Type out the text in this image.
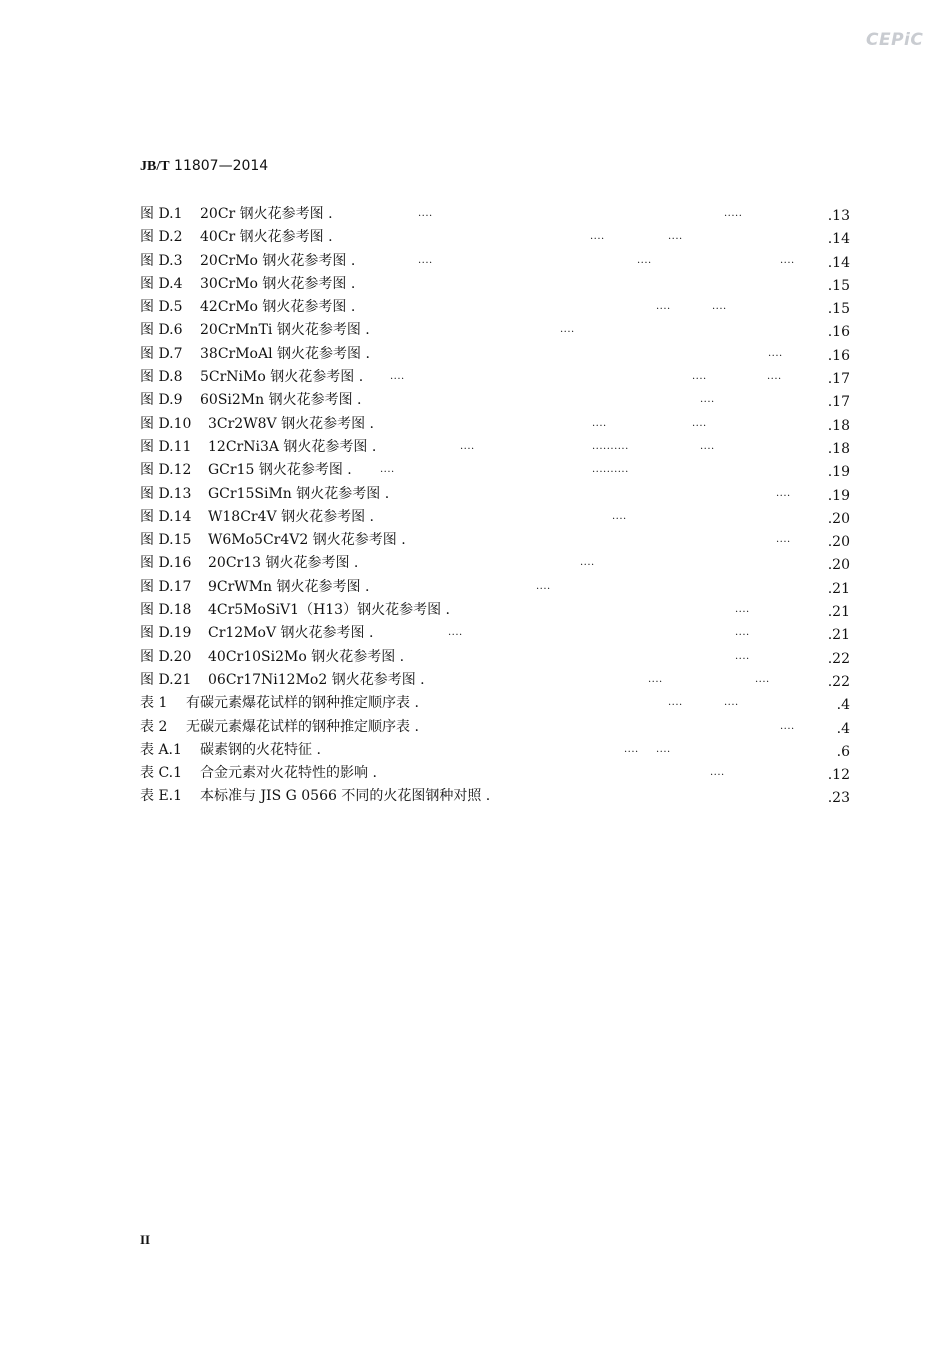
CEPiC
JB/T 11807—2014
图 D.1 20Cr 钢火花参考图 .	....	.....	.13
图 D.2 40Cr 钢火花参考图 .	....	....	.14
图 D.3 20CrMo 钢火花参考图 .	....	....	.... .14
图 D.4 30CrMo 钢火花参考图 .	.15
图 D.5 42CrMo 钢火花参考图 .	....	....	.15
图 D.6 20CrMnTi 钢火花参考图 .	....	.16
图 D.7 38CrMoAl 钢火花参考图 .	....	.16
图 D.8 5CrNiMo 钢火花参考图 .	....	....	....	.17
图 D.9 60Si2Mn 钢火花参考图 .	....	.17
图 D.10 3Cr2W8V 钢火花参考图 .	....	....	.18
图 D.11 12CrNi3A 钢火花参考图 .	....	..........	....	.18
图 D.12 GCr15 钢火花参考图 .	....	..........	.19
图 D.13 GCr15SiMn 钢火花参考图 .	....	.19
图 D.14 W18Cr4V 钢火花参考图 .	....	.20
图 D.15 W6Mo5Cr4V2 钢火花参考图 .	....	.20
图 D.16 20Cr13 钢火花参考图 .	....	.20
图 D.17 9CrWMn 钢火花参考图 .	....	.21
图 D.18 4Cr5MoSiV1（H13）钢火花参考图 .	....	.21
图 D.19 Cr12MoV 钢火花参考图 .	....	....	.21
图 D.20 40Cr10Si2Mo 钢火花参考图 .	....	.22
图 D.21 06Cr17Ni12Mo2 钢火花参考图 .	....	....	.22
表 1 有碳元素爆花试样的钢种推定顺序表 .	....	....	.4
表 2 无碳元素爆花试样的钢种推定顺序表 .	....	.4
表 A.1 碳素钢的火花特征 .	.... ....	.6
表 C.1 合金元素对火花特性的影响 .	....	.12
表 E.1 本标准与 JIS G 0566 不同的火花图钢种对照 .	.23
II
